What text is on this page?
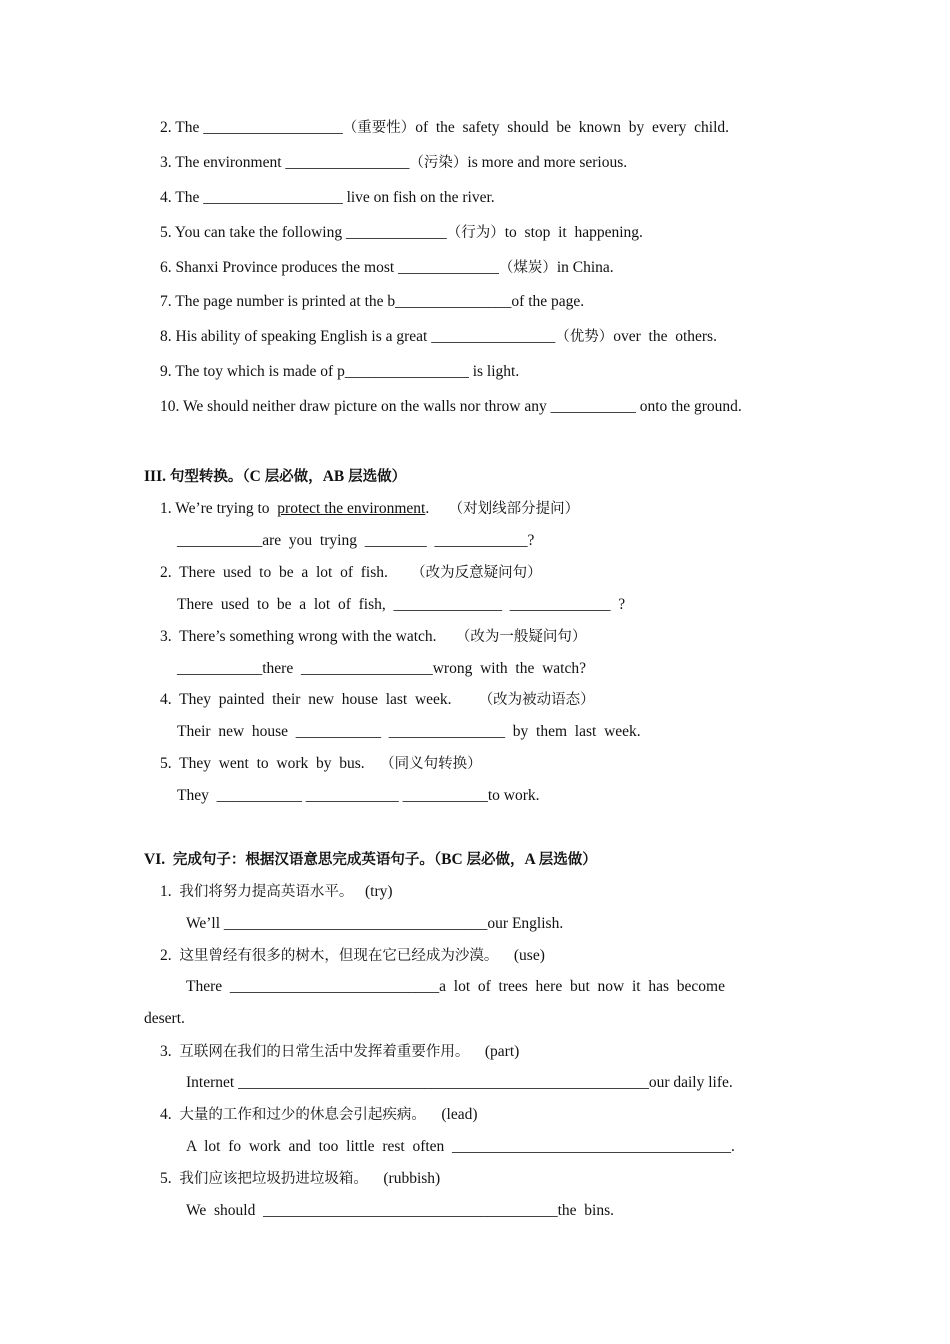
2. The __________________（重要性）of  the  safety  should  be  known  by  every  child.
3. The environment ________________（污染）is more and more serious.
4. The __________________ live on fish on the river.
5. You can take the following _____________（行为）to  stop  it  happening.
6. Shanxi Province produces the most _____________（煤炭）in China.
7. The page number is printed at the b_______________of the page.
8. His ability of speaking English is a great ________________（优势）over  the  others.
9. The toy which is made of p________________ is light.
10. We should neither draw picture on the walls nor throw any ___________ onto the ground.
III. 句型转换。（C 层必做，AB 层选做）
1. We’re trying to  protect the environment.     （对划线部分提问）
___________are  you  trying  ________  ____________?
2.  There  used  to  be  a  lot  of  fish.      （改为反意疑问句）
There  used  to  be  a  lot  of  fish,  ______________  _____________  ?
3.  There’s something wrong with the watch.     （改为一般疑问句）
___________there  _________________wrong  with  the  watch?
4.  They  painted  their  new  house  last  week.       （改为被动语态）
Their  new  house  ___________  _______________  by  them  last  week.
5.  They  went  to  work  by  bus.    （同义句转换）
They  ___________ ____________ ___________to work.
VI.  完成句子：根据汉语意思完成英语句子。（BC 层必做，A 层选做）
1.  我们将努力提高英语水平。   (try)
We’ll __________________________________our English.
2.  这里曾经有很多的树木，但现在它已经成为沙漠。    (use)
There  ___________________________a  lot  of  trees  here  but  now  it  has  become
desert.
3.  互联网在我们的日常生活中发挥着重要作用。    (part)
Internet _____________________________________________________our daily life.
4.  大量的工作和过少的休息会引起疾病。    (lead)
A  lot  fo  work  and  too  little  rest  often  ____________________________________.
5.  我们应该把垃圾扔进垃圾箱。    (rubbish)
We  should  ______________________________________the  bins.
